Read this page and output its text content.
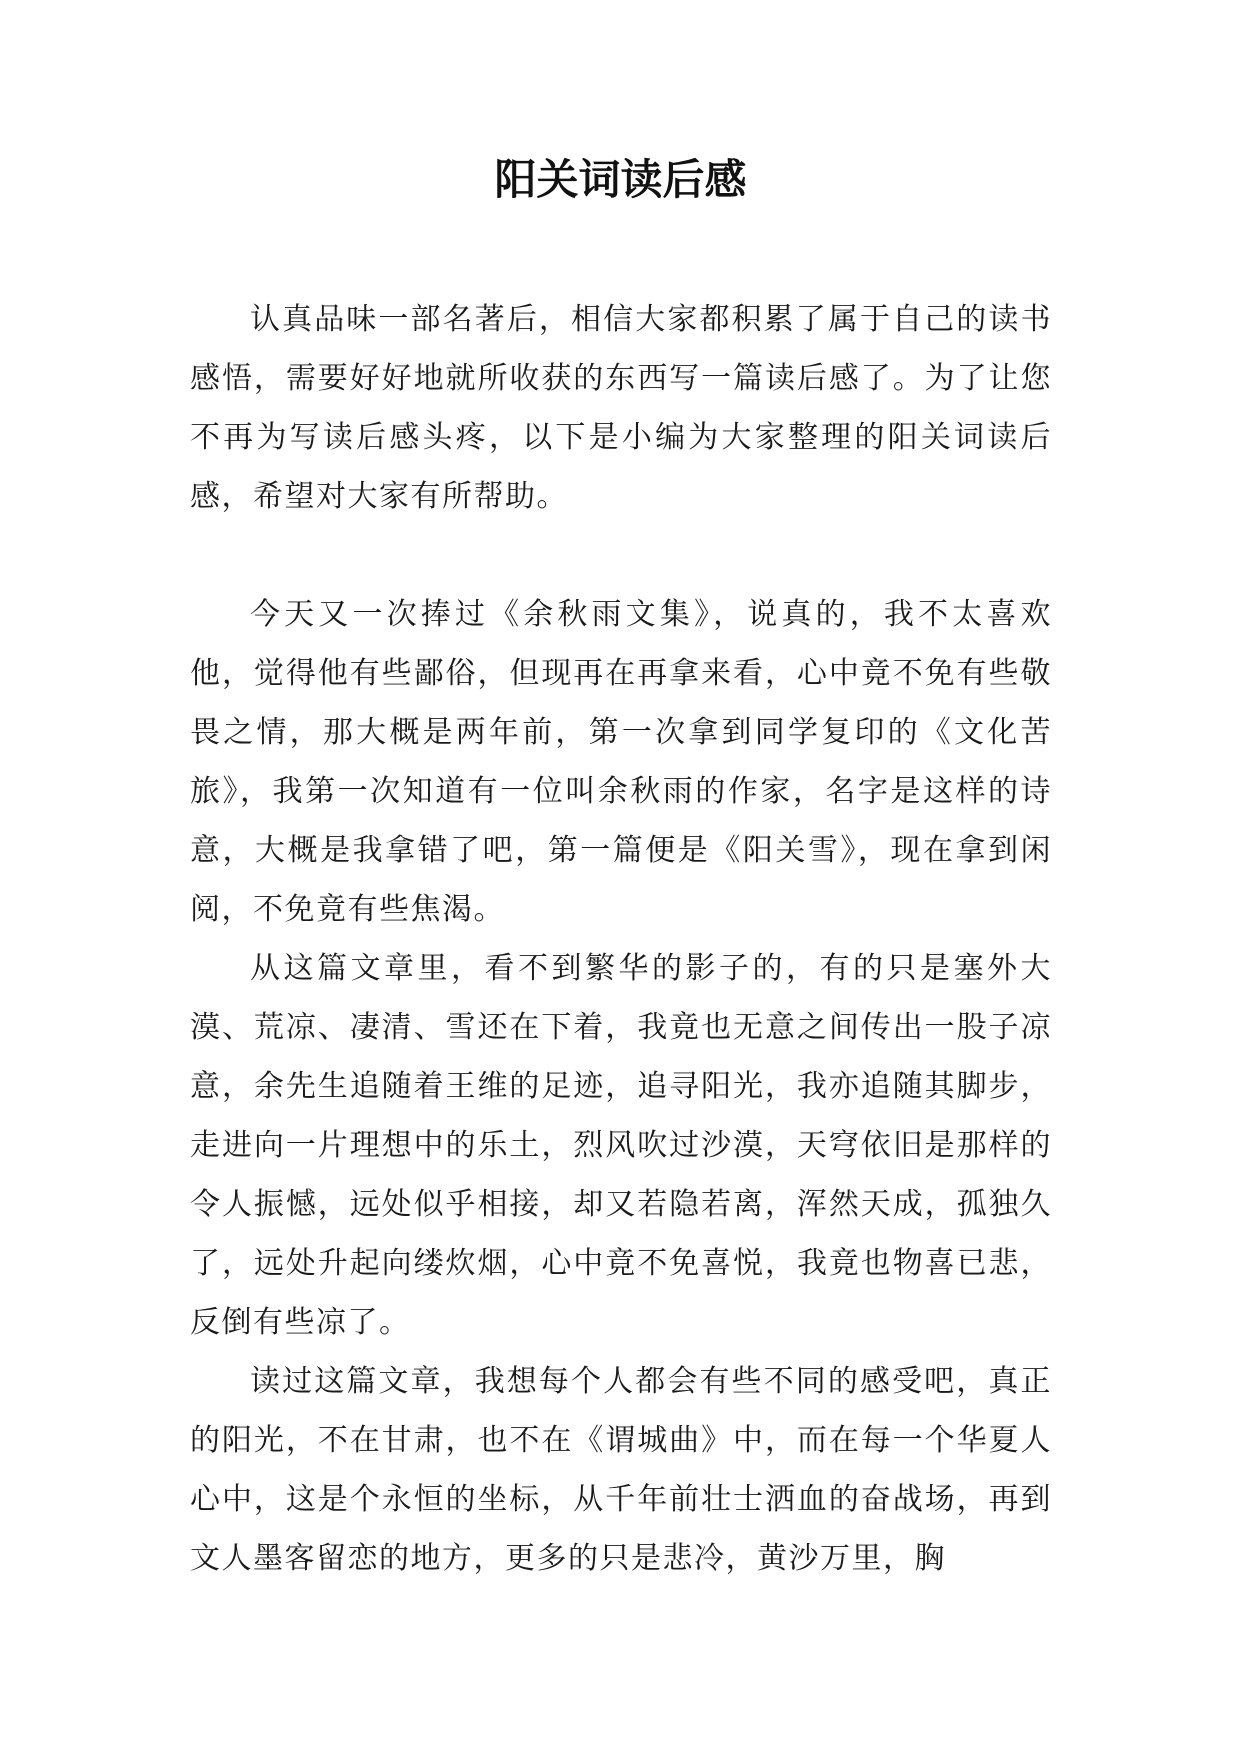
阳关词读后感

认真品味一部名著后，相信大家都积累了属于自己的读书感悟，需要好好地就所收获的东西写一篇读后感了。为了让您不再为写读后感头疼，以下是小编为大家整理的阳关词读后感，希望对大家有所帮助。

今天又一次捧过《余秋雨文集》，说真的，我不太喜欢他，觉得他有些鄙俗，但现再在再拿来看，心中竟不免有些敬畏之情，那大概是两年前，第一次拿到同学复印的《文化苦旅》，我第一次知道有一位叫余秋雨的作家，名字是这样的诗意，大概是我拿错了吧，第一篇便是《阳关雪》，现在拿到闲阅，不免竟有些焦渴。

从这篇文章里，看不到繁华的影子的，有的只是塞外大漠、荒凉、凄清、雪还在下着，我竟也无意之间传出一股子凉意，余先生追随着王维的足迹，追寻阳光，我亦追随其脚步，走进向一片理想中的乐土，烈风吹过沙漠，天穹依旧是那样的令人振憾，远处似乎相接，却又若隐若离，浑然天成，孤独久了，远处升起向缕炊烟，心中竟不免喜悦，我竟也物喜已悲，反倒有些凉了。

读过这篇文章，我想每个人都会有些不同的感受吧，真正的阳光，不在甘肃，也不在《谓城曲》中，而在每一个华夏人心中，这是个永恒的坐标，从千年前壮士洒血的奋战场，再到文人墨客留恋的地方，更多的只是悲冷，黄沙万里，胸
